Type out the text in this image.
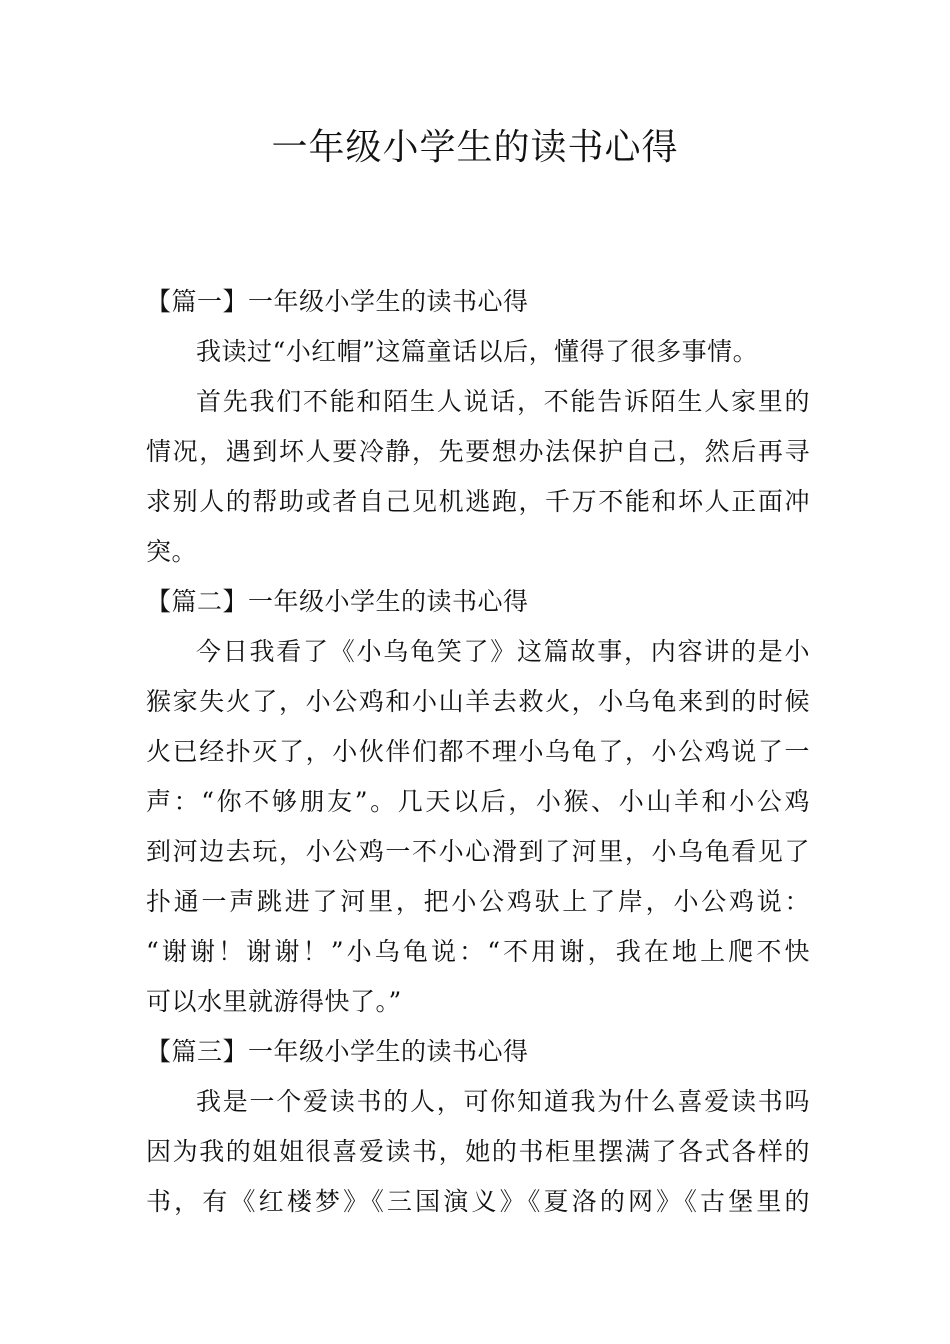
一年级小学生的读书心得
【篇一】一年级小学生的读书心得
我读过“小红帽”这篇童话以后，懂得了很多事情。
首先我们不能和陌生人说话，不能告诉陌生人家里的
情况，遇到坏人要冷静，先要想办法保护自己，然后再寻
求别人的帮助或者自己见机逃跑，千万不能和坏人正面冲
突。
【篇二】一年级小学生的读书心得
今日我看了《小乌龟笑了》这篇故事，内容讲的是小
猴家失火了，小公鸡和小山羊去救火，小乌龟来到的时候
火已经扑灭了，小伙伴们都不理小乌龟了，小公鸡说了一
声：“你不够朋友”。几天以后，小猴、小山羊和小公鸡
到河边去玩，小公鸡一不小心滑到了河里，小乌龟看见了
扑通一声跳进了河里，把小公鸡驮上了岸，小公鸡说：
“谢谢！谢谢！”小乌龟说：“不用谢，我在地上爬不快
可以水里就游得快了。”
【篇三】一年级小学生的读书心得
我是一个爱读书的人，可你知道我为什么喜爱读书吗
因为我的姐姐很喜爱读书，她的书柜里摆满了各式各样的
书，有《红楼梦》《三国演义》《夏洛的网》《古堡里的
